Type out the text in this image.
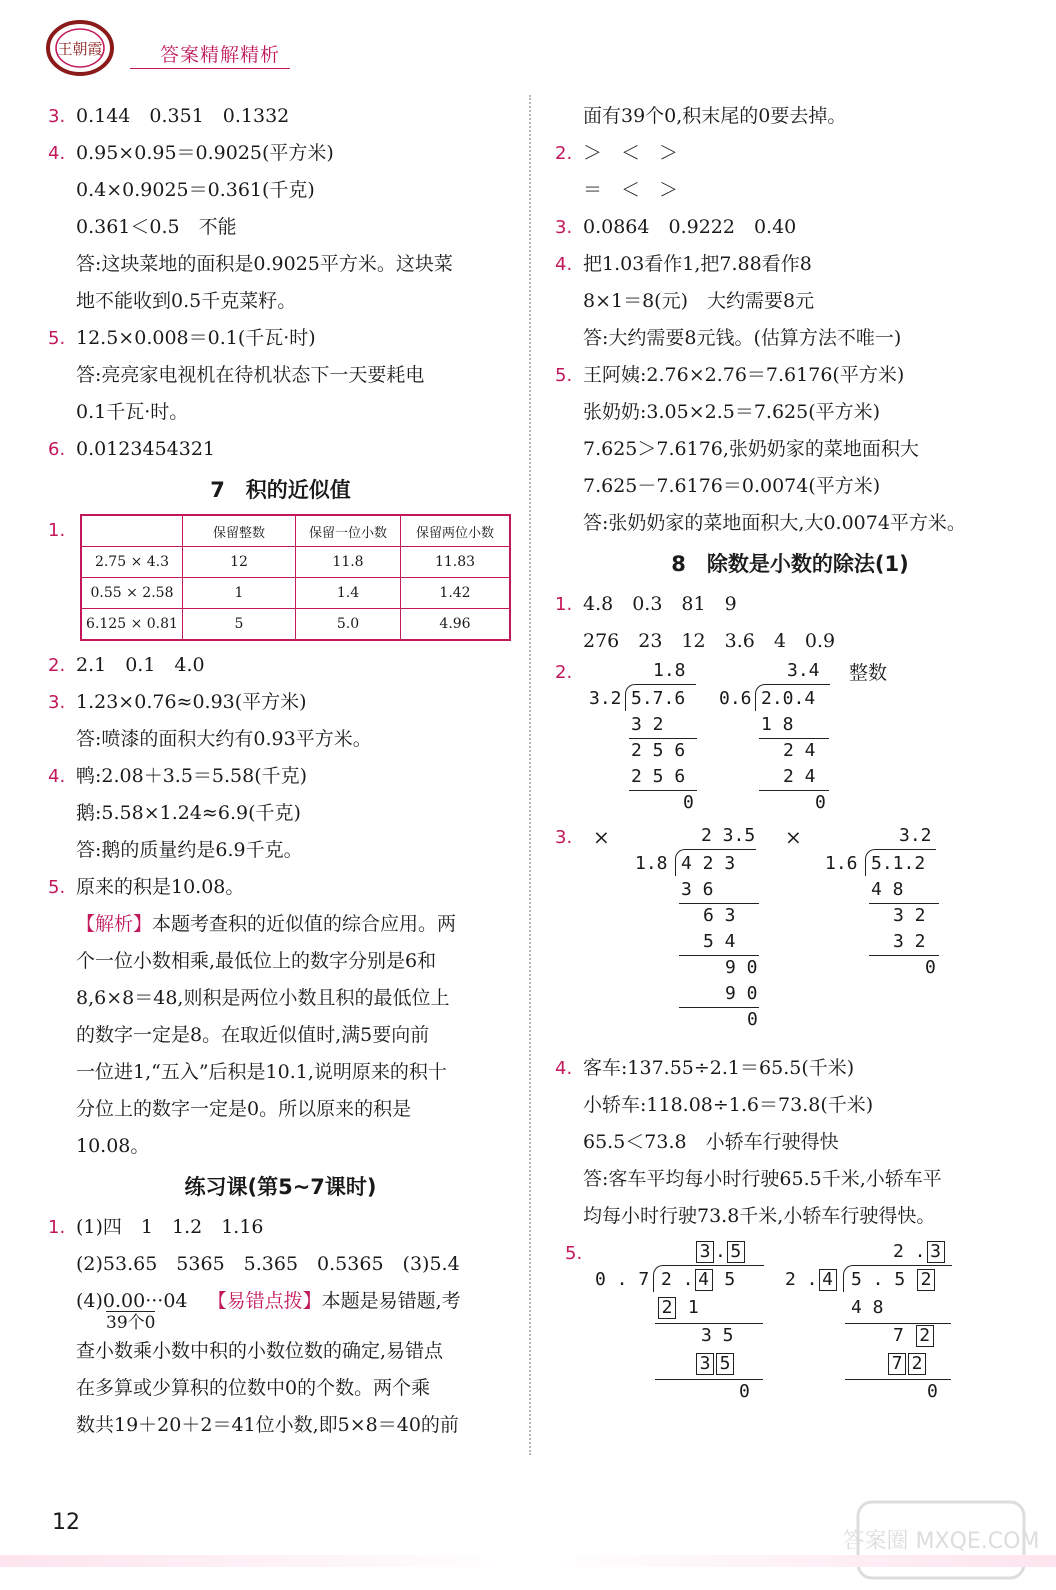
王朝霞	答案精解精析
3. 0.144　0.351　0.1332
4. 0.95×0.95＝0.9025(平方米)
0.4×0.9025＝0.361(千克)
0.361＜0.5　不能
答:这块菜地的面积是0.9025平方米。这块菜
地不能收到0.5千克菜籽。
5. 12.5×0.008＝0.1(千瓦·时)
答:亮亮家电视机在待机状态下一天要耗电
0.1千瓦·时。
6. 0.0123454321
7　积的近似值
1.
		保留整数	保留一位小数	保留两位小数
2.75 × 4.3	12	11.8	11.83
0.55 × 2.58	1	1.4	1.42
6.125 × 0.81	5	5.0	4.96
2. 2.1　0.1　4.0
3. 1.23×0.76≈0.93(平方米)
答:喷漆的面积大约有0.93平方米。
4. 鸭:2.08＋3.5＝5.58(千克)
鹅:5.58×1.24≈6.9(千克)
答:鹅的质量约是6.9千克。
5. 原来的积是10.08。
【解析】本题考查积的近似值的综合应用。两
个一位小数相乘,最低位上的数字分别是6和
8,6×8＝48,则积是两位小数且积的最低位上
的数字一定是8。在取近似值时,满5要向前
一位进1,“五入”后积是10.1,说明原来的积十
分位上的数字一定是0。所以原来的积是
10.08。
练习课(第5~7课时)
1. (1)四　1　1.2　1.16
(2)53.65　5365　5.365　0.5365　(3)5.4
(4)0.00···04
39个0
【易错点拨】本题是易错题,考
查小数乘小数中积的小数位数的确定,易错点
在多算或少算积的位数中0的个数。两个乘
数共19＋20＋2＝41位小数,即5×8＝40的前
面有39个0,积末尾的0要去掉。
2. ＞　＜　＞
＝　＜　＞
3. 0.0864　0.9222　0.40
4. 把1.03看作1,把7.88看作8
8×1＝8(元)　大约需要8元
答:大约需要8元钱。(估算方法不唯一)
5. 王阿姨:2.76×2.76＝7.6176(平方米)
张奶奶:3.05×2.5＝7.625(平方米)
7.625＞7.6176,张奶奶家的菜地面积大
7.625－7.6176＝0.0074(平方米)
答:张奶奶家的菜地面积大,大0.0074平方米。
8　除数是小数的除法(1)
1. 4.8　0.3　81　9
276　23　12　3.6　4　0.9
2.	1.8
3.2 5.7.6
3 2
2 5 6
2 5 6
0
3.4
0.6 2.0.4
1 8
2 4
2 4
0
整数
3.	×	2 3.5
1.8 4 2 3
3 6
6 3
5 4
9 0
9 0
0
×	3.2
1.6 5.1.2
4 8
3 2
3 2
0
4. 客车:137.55÷2.1＝65.5(千米)
小轿车:118.08÷1.6＝73.8(千米)
65.5＜73.8　小轿车行驶得快
答:客车平均每小时行驶65.5千米,小轿车平
均每小时行驶73.8千米,小轿车行驶得快。
5.	3 . 5
0 . 7 2 . 4 5
2 1
3 5
3 5
0
2 . 3
2 . 4 5 . 5 2
4 8
7 2
7 2
0
12
答案圈 MXQE.COM
